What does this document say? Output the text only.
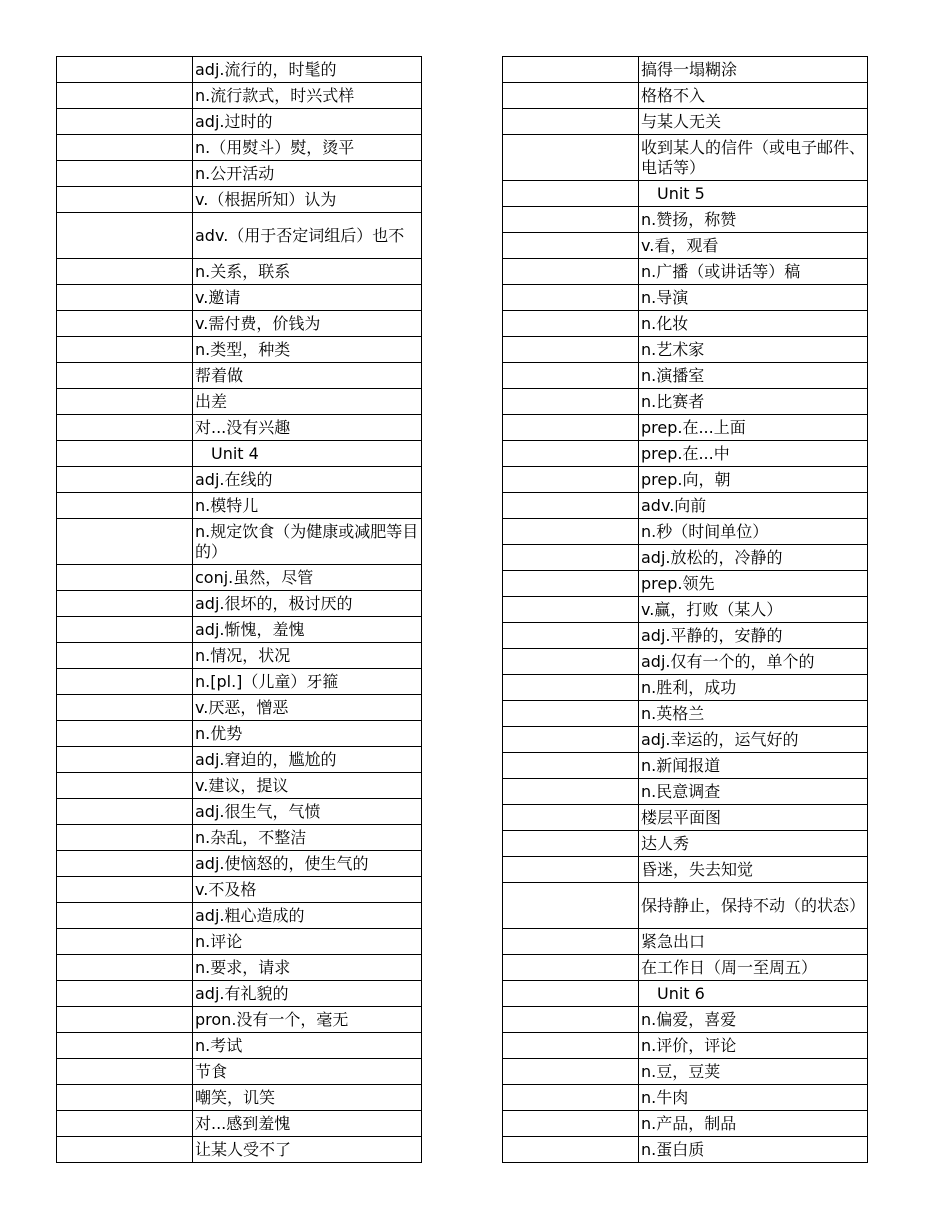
	adj.流行的，时髦的
	n.流行款式，时兴式样
	adj.过时的
	n.（用熨斗）熨，烫平
	n.公开活动
	v.（根据所知）认为
	adv.（用于否定词组后）也不
	n.关系，联系
	v.邀请
	v.需付费，价钱为
	n.类型，种类
	帮着做
	出差
	对...没有兴趣
	Unit 4
	adj.在线的
	n.模特儿
	n.规定饮食（为健康或减肥等目的）
	conj.虽然，尽管
	adj.很坏的，极讨厌的
	adj.惭愧，羞愧
	n.情况，状况
	n.[pl.]（儿童）牙箍
	v.厌恶，憎恶
	n.优势
	adj.窘迫的，尴尬的
	v.建议，提议
	adj.很生气，气愤
	n.杂乱，不整洁
	adj.使恼怒的，使生气的
	v.不及格
	adj.粗心造成的
	n.评论
	n.要求，请求
	adj.有礼貌的
	pron.没有一个，毫无
	n.考试
	节食
	嘲笑，讥笑
	对...感到羞愧
	让某人受不了
	搞得一塌糊涂
	格格不入
	与某人无关
	收到某人的信件（或电子邮件、电话等）
	Unit 5
	n.赞扬，称赞
	v.看，观看
	n.广播（或讲话等）稿
	n.导演
	n.化妆
	n.艺术家
	n.演播室
	n.比赛者
	prep.在...上面
	prep.在...中
	prep.向，朝
	adv.向前
	n.秒（时间单位）
	adj.放松的，冷静的
	prep.领先
	v.赢，打败（某人）
	adj.平静的，安静的
	adj.仅有一个的，单个的
	n.胜利，成功
	n.英格兰
	adj.幸运的，运气好的
	n.新闻报道
	n.民意调查
	楼层平面图
	达人秀
	昏迷，失去知觉
	保持静止，保持不动（的状态）
	紧急出口
	在工作日（周一至周五）
	Unit 6
	n.偏爱，喜爱
	n.评价，评论
	n.豆，豆荚
	n.牛肉
	n.产品，制品
	n.蛋白质
